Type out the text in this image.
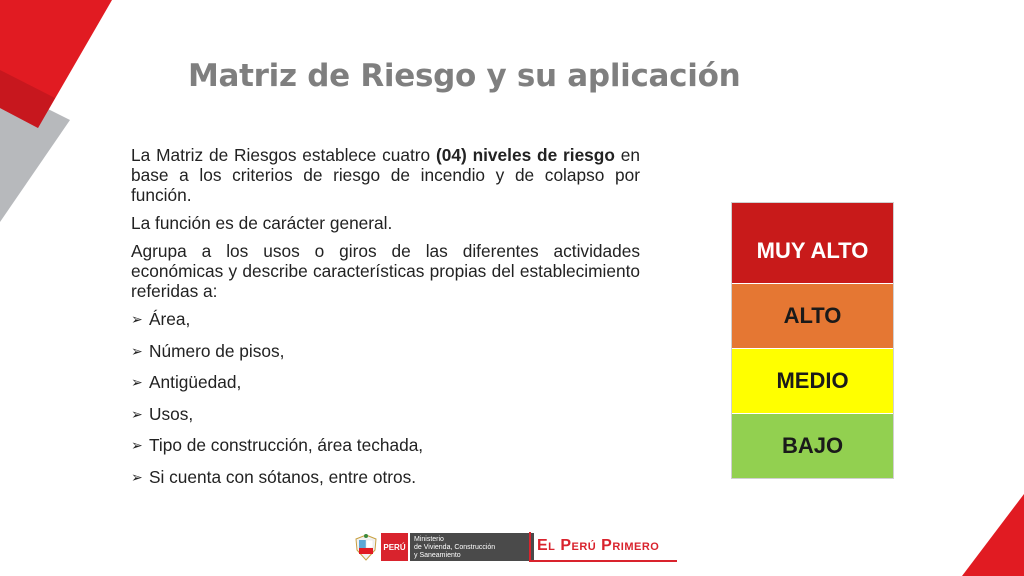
Matriz de Riesgo y su aplicación

La Matriz de Riesgos establece cuatro (04) niveles de riesgo en base a los criterios de riesgo de incendio y de colapso por función.

La función es de carácter general.

Agrupa a los usos o giros de las diferentes actividades económicas y describe características propias del establecimiento referidas a:

➢ Área,
➢ Número de pisos,
➢ Antigüedad,
➢ Usos,
➢ Tipo de construcción, área techada,
➢ Si cuenta con sótanos, entre otros.
MUY ALTO
ALTO
MEDIO
BAJO
PERÚ
Ministerio
de Vivienda, Construcción
y Saneamiento
El Perú Primero
